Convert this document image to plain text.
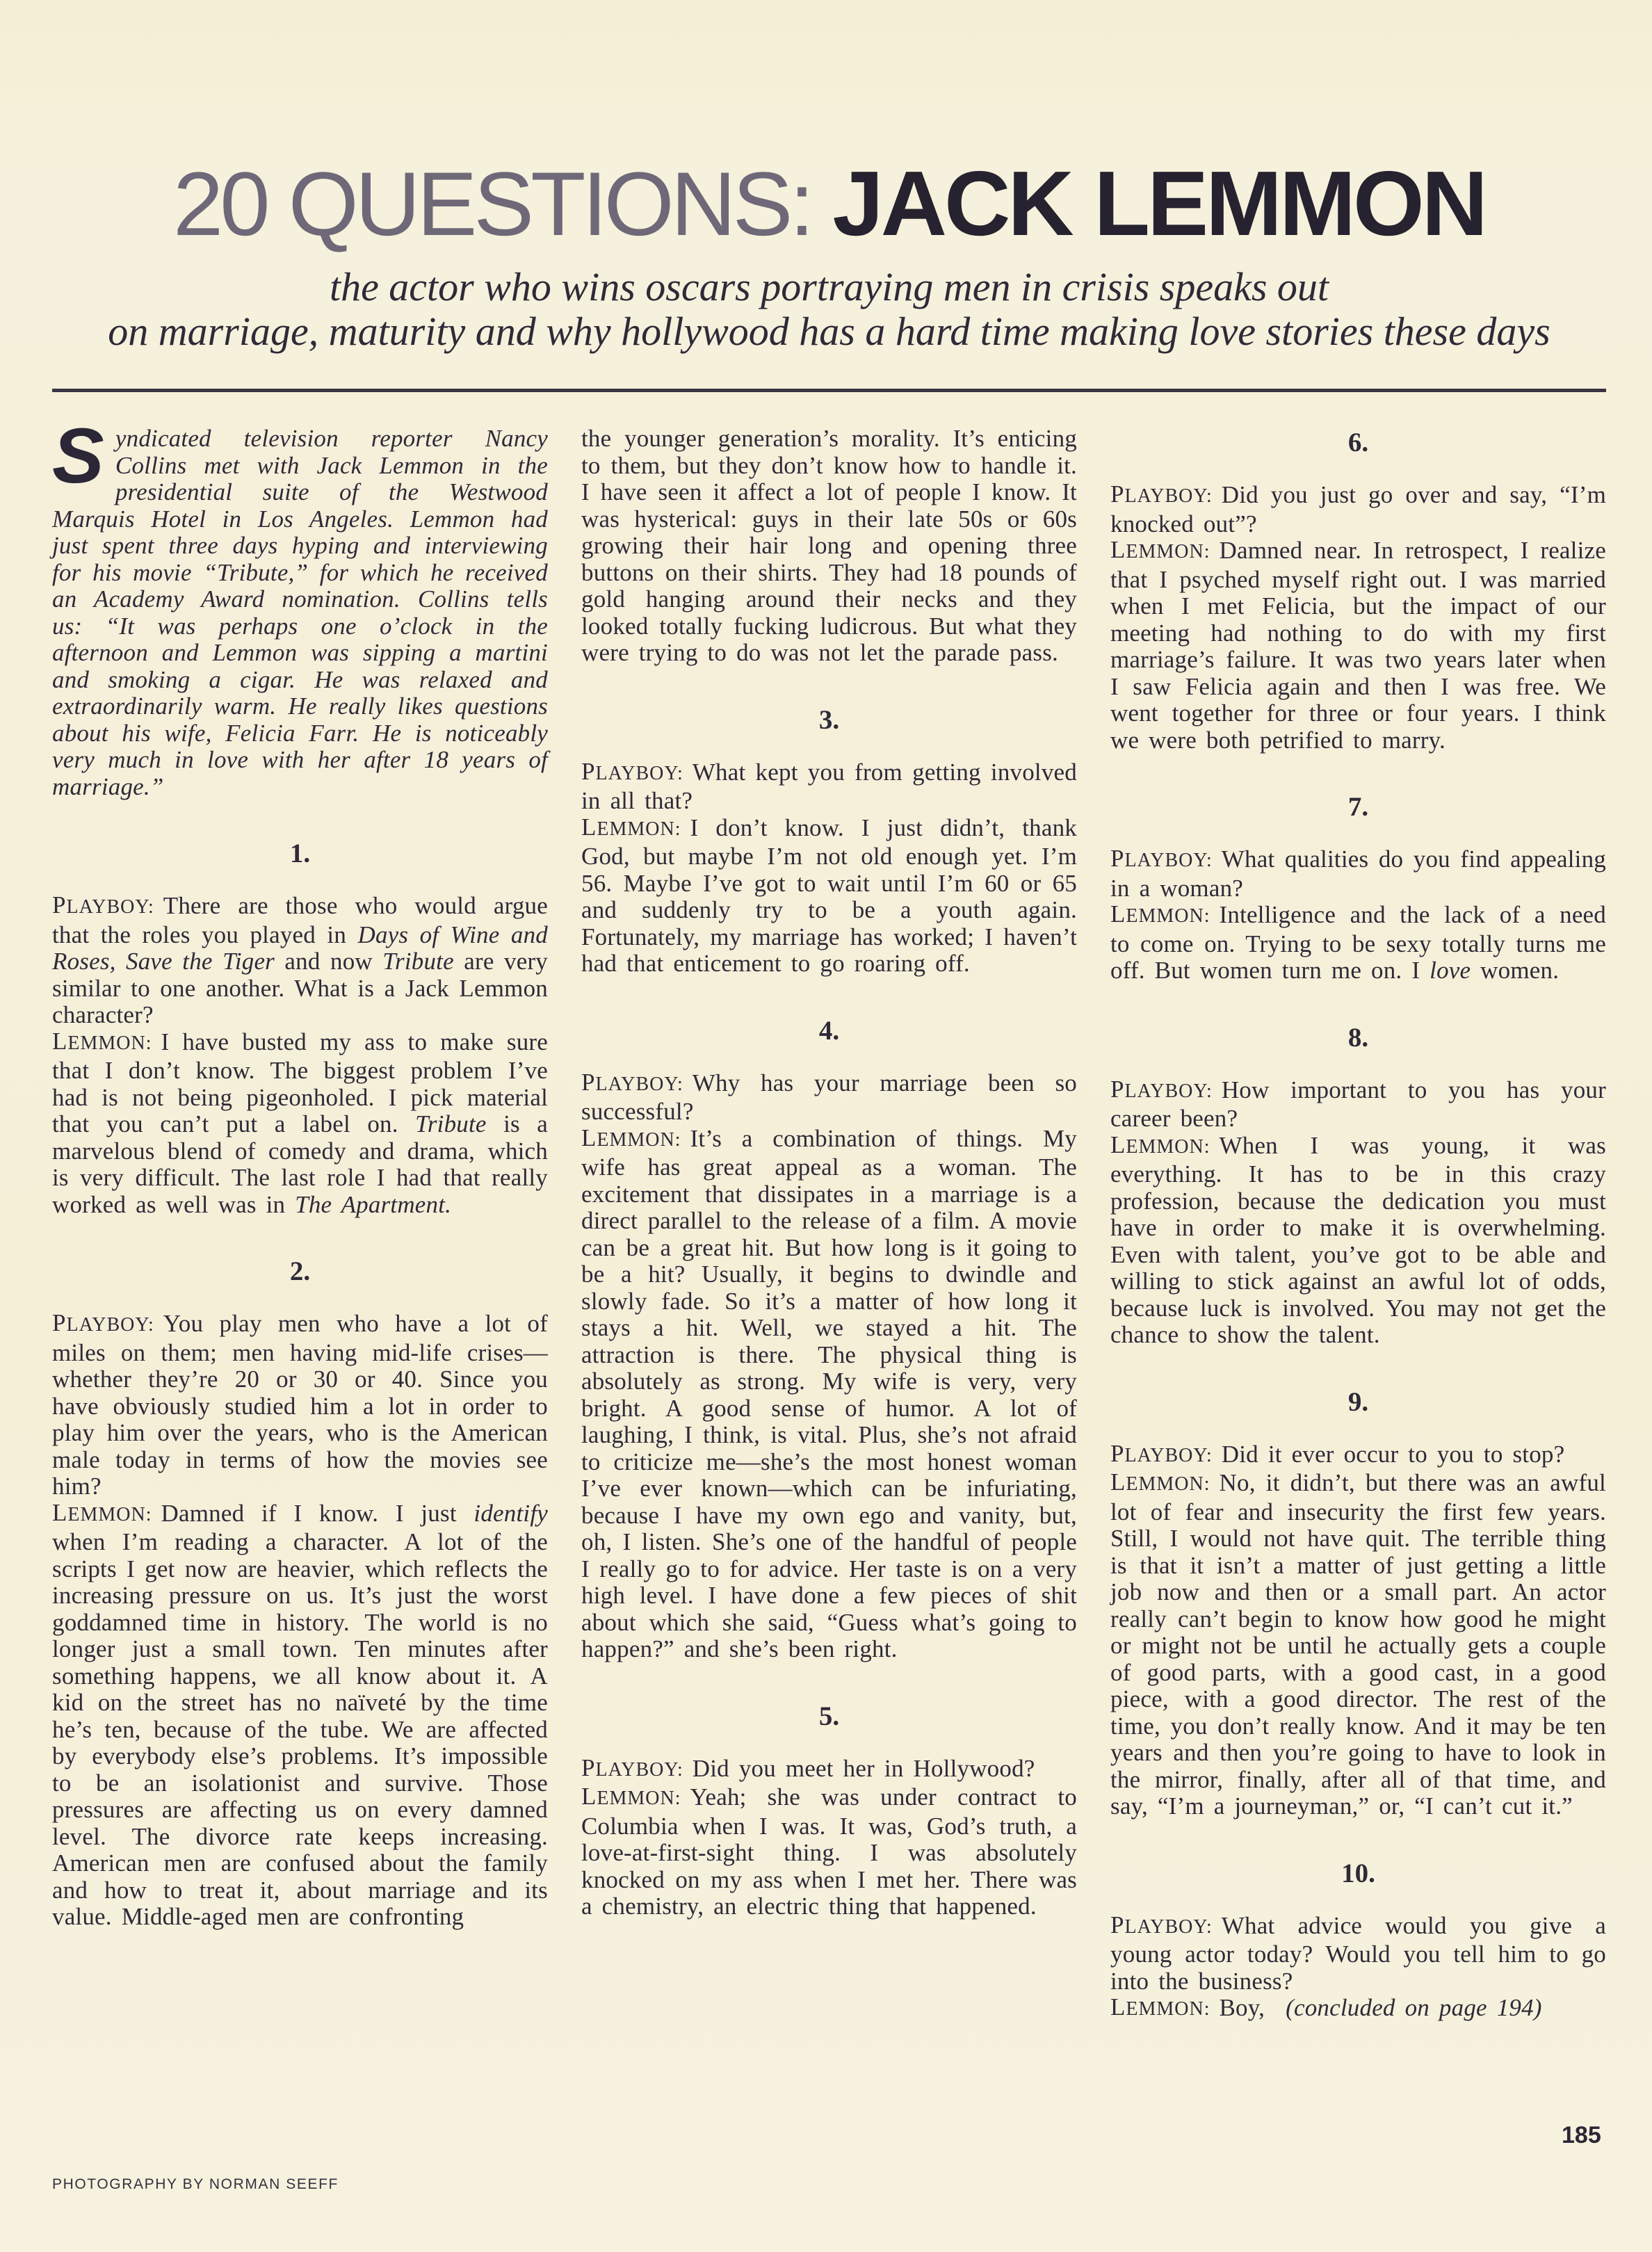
20 QUESTIONS: JACK LEMMON

the actor who wins oscars portraying men in crisis speaks out
on marriage, maturity and why hollywood has a hard time making love stories these days

Syndicated television reporter Nancy Collins met with Jack Lemmon in the presidential suite of the Westwood Marquis Hotel in Los Angeles. Lemmon had just spent three days hyping and interviewing for his movie “Tribute,” for which he received an Academy Award nomination. Collins tells us: “It was perhaps one o’clock in the afternoon and Lemmon was sipping a martini and smoking a cigar. He was relaxed and extraordinarily warm. He really likes questions about his wife, Felicia Farr. He is noticeably very much in love with her after 18 years of marriage.”

1.

PLAYBOY: There are those who would argue that the roles you played in Days of Wine and Roses, Save the Tiger and now Tribute are very similar to one another. What is a Jack Lemmon character?

LEMMON: I have busted my ass to make sure that I don’t know. The biggest problem I’ve had is not being pigeonholed. I pick material that you can’t put a label on. Tribute is a marvelous blend of comedy and drama, which is very difficult. The last role I had that really worked as well was in The Apartment.

2.

PLAYBOY: You play men who have a lot of miles on them; men having mid-life crises—whether they’re 20 or 30 or 40. Since you have obviously studied him a lot in order to play him over the years, who is the American male today in terms of how the movies see him?

LEMMON: Damned if I know. I just identify when I’m reading a character. A lot of the scripts I get now are heavier, which reflects the increasing pressure on us. It’s just the worst goddamned time in history. The world is no longer just a small town. Ten minutes after something happens, we all know about it. A kid on the street has no naïveté by the time he’s ten, because of the tube. We are affected by everybody else’s problems. It’s impossible to be an isolationist and survive. Those pressures are affecting us on every damned level. The divorce rate keeps increasing. American men are confused about the family and how to treat it, about marriage and its value. Middle-aged men are confronting

the younger generation’s morality. It’s enticing to them, but they don’t know how to handle it. I have seen it affect a lot of people I know. It was hysterical: guys in their late 50s or 60s growing their hair long and opening three buttons on their shirts. They had 18 pounds of gold hanging around their necks and they looked totally fucking ludicrous. But what they were trying to do was not let the parade pass.

3.

PLAYBOY: What kept you from getting involved in all that?

LEMMON: I don’t know. I just didn’t, thank God, but maybe I’m not old enough yet. I’m 56. Maybe I’ve got to wait until I’m 60 or 65 and suddenly try to be a youth again. Fortunately, my marriage has worked; I haven’t had that enticement to go roaring off.

4.

PLAYBOY: Why has your marriage been so successful?

LEMMON: It’s a combination of things. My wife has great appeal as a woman. The excitement that dissipates in a marriage is a direct parallel to the release of a film. A movie can be a great hit. But how long is it going to be a hit? Usually, it begins to dwindle and slowly fade. So it’s a matter of how long it stays a hit. Well, we stayed a hit. The attraction is there. The physical thing is absolutely as strong. My wife is very, very bright. A good sense of humor. A lot of laughing, I think, is vital. Plus, she’s not afraid to criticize me—she’s the most honest woman I’ve ever known—which can be infuriating, because I have my own ego and vanity, but, oh, I listen. She’s one of the handful of people I really go to for advice. Her taste is on a very high level. I have done a few pieces of shit about which she said, “Guess what’s going to happen?” and she’s been right.

5.

PLAYBOY: Did you meet her in Hollywood?

LEMMON: Yeah; she was under contract to Columbia when I was. It was, God’s truth, a love-at-first-sight thing. I was absolutely knocked on my ass when I met her. There was a chemistry, an electric thing that happened.

6.

PLAYBOY: Did you just go over and say, “I’m knocked out”?

LEMMON: Damned near. In retrospect, I realize that I psyched myself right out. I was married when I met Felicia, but the impact of our meeting had nothing to do with my first marriage’s failure. It was two years later when I saw Felicia again and then I was free. We went together for three or four years. I think we were both petrified to marry.

7.

PLAYBOY: What qualities do you find appealing in a woman?

LEMMON: Intelligence and the lack of a need to come on. Trying to be sexy totally turns me off. But women turn me on. I love women.

8.

PLAYBOY: How important to you has your career been?

LEMMON: When I was young, it was everything. It has to be in this crazy profession, because the dedication you must have in order to make it is overwhelming. Even with talent, you’ve got to be able and willing to stick against an awful lot of odds, because luck is involved. You may not get the chance to show the talent.

9.

PLAYBOY: Did it ever occur to you to stop?

LEMMON: No, it didn’t, but there was an awful lot of fear and insecurity the first few years. Still, I would not have quit. The terrible thing is that it isn’t a matter of just getting a little job now and then or a small part. An actor really can’t begin to know how good he might or might not be until he actually gets a couple of good parts, with a good cast, in a good piece, with a good director. The rest of the time, you don’t really know. And it may be ten years and then you’re going to have to look in the mirror, finally, after all of that time, and say, “I’m a journeyman,” or, “I can’t cut it.”

10.

PLAYBOY: What advice would you give a young actor today? Would you tell him to go into the business?

LEMMON: Boy, (concluded on page 194)

PHOTOGRAPHY BY NORMAN SEEFF
185
